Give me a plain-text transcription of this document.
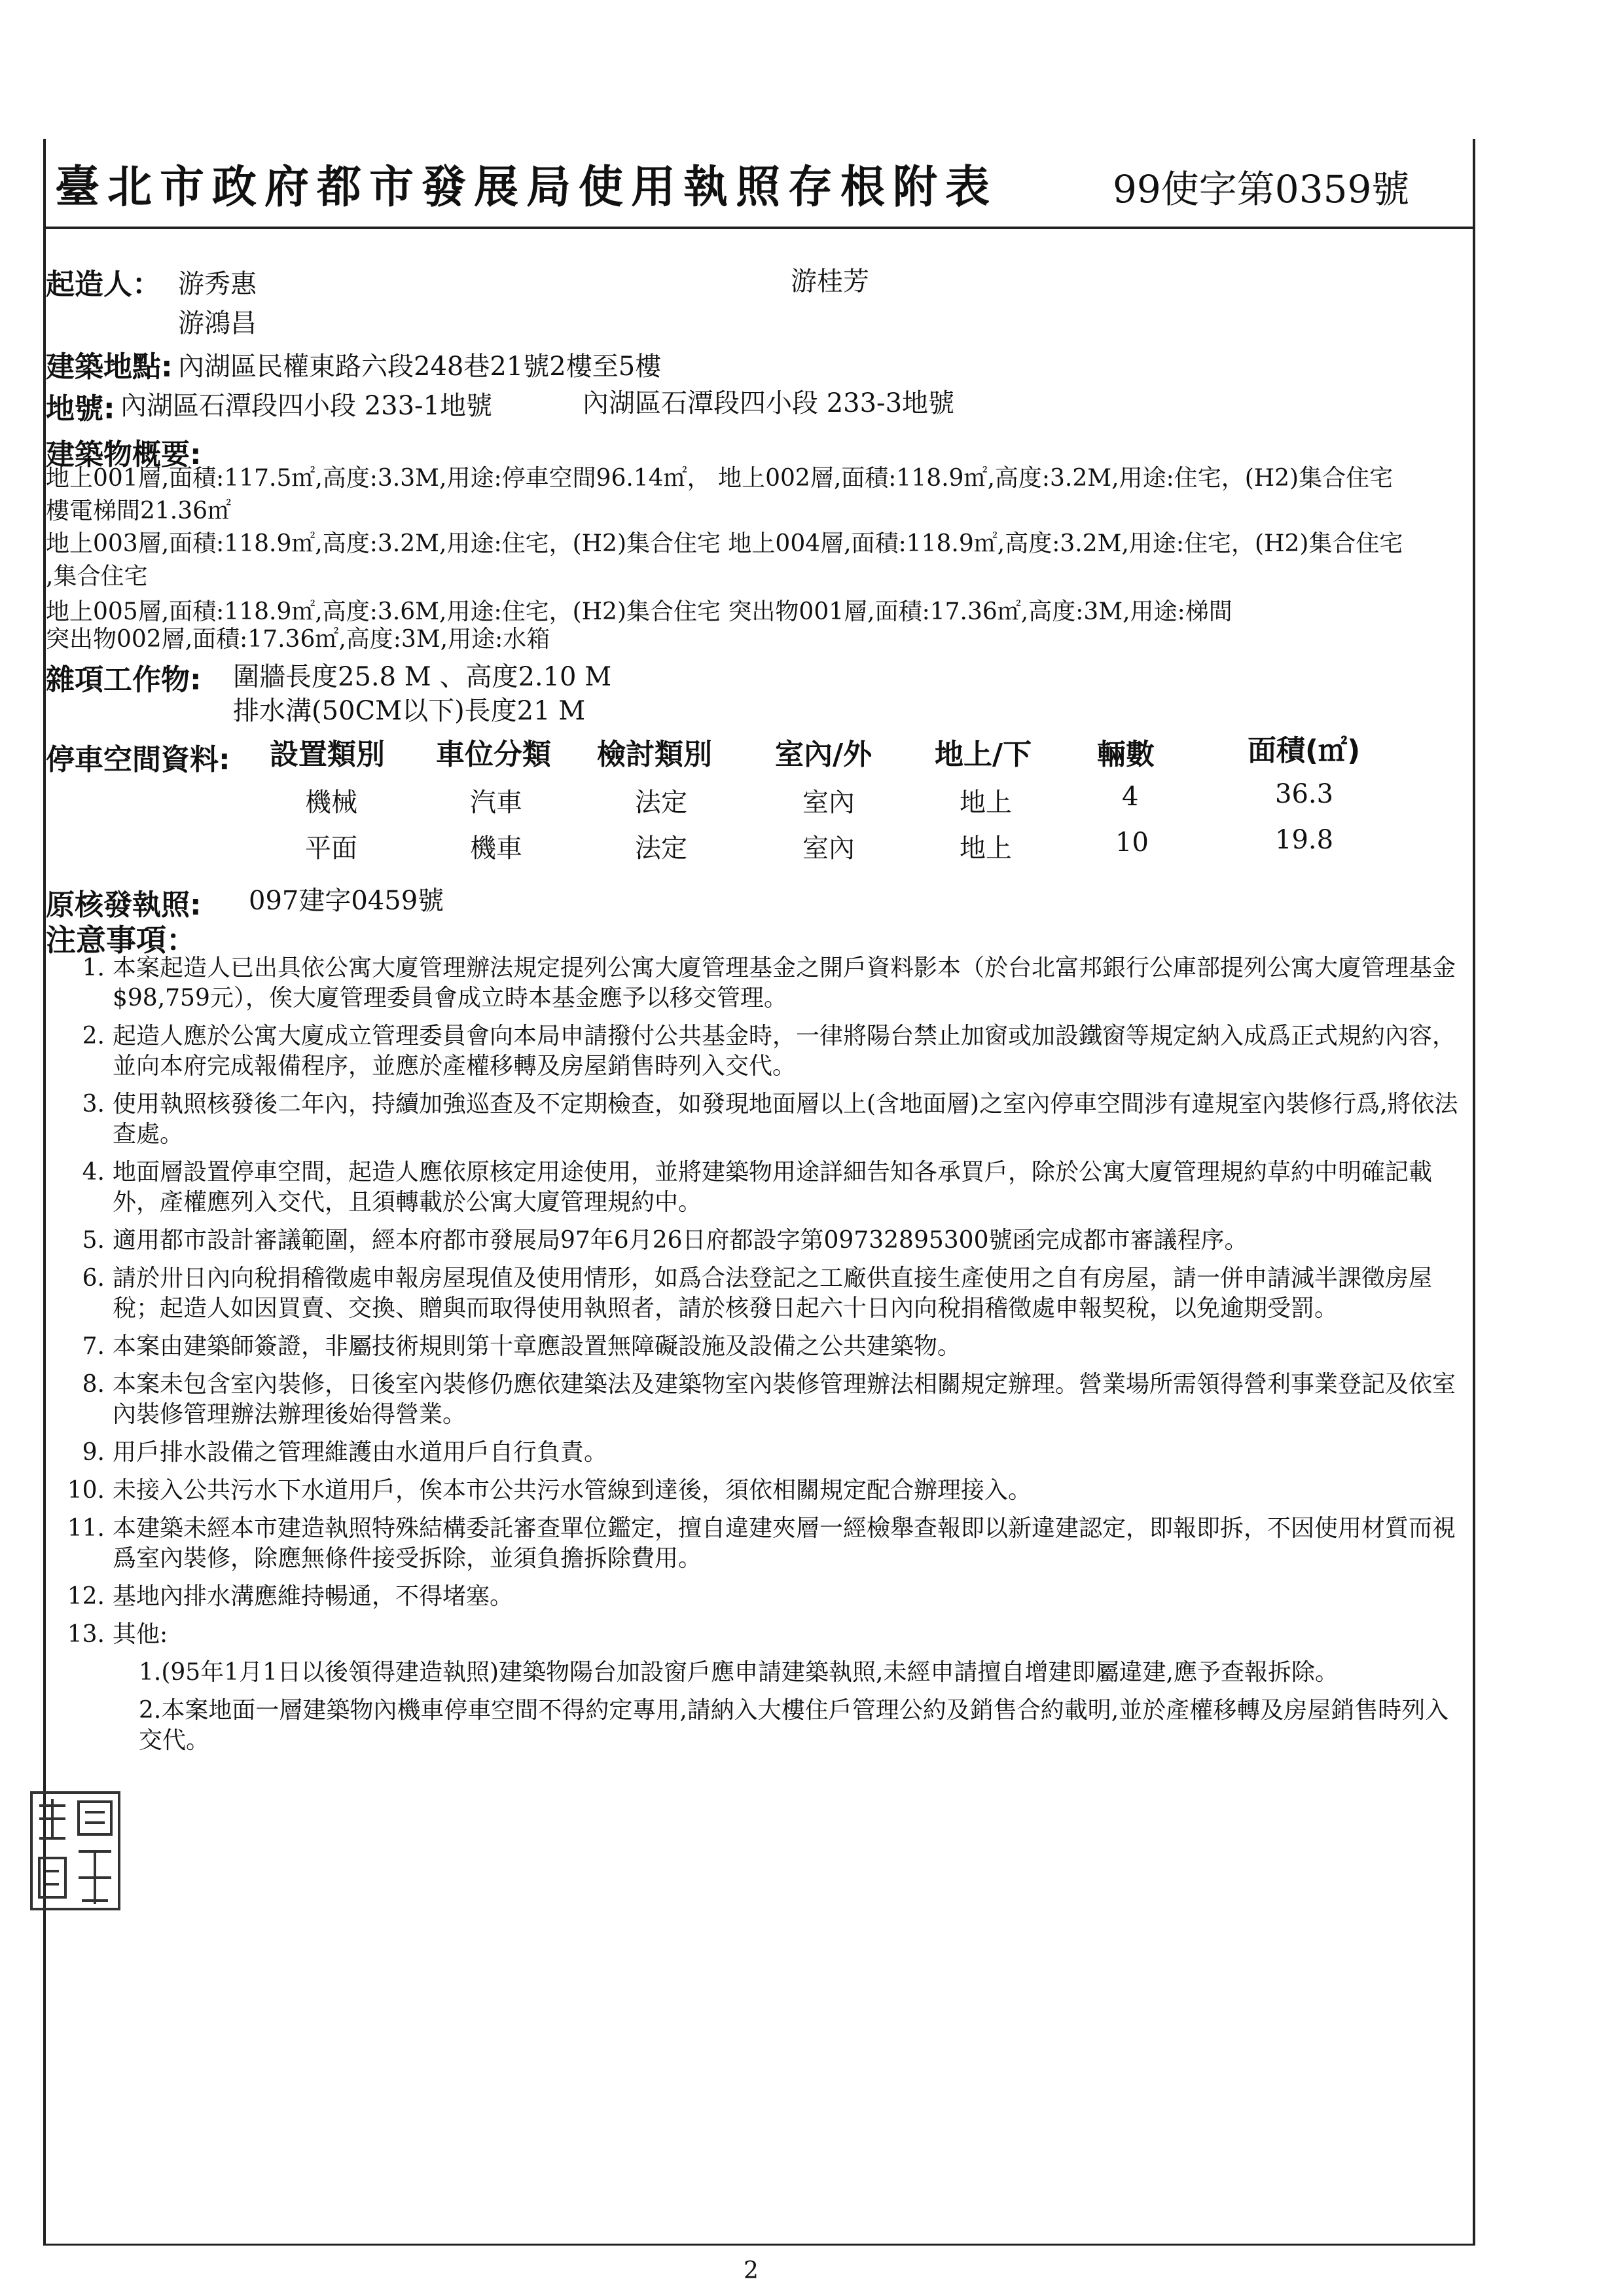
臺北市政府都市發展局使用執照存根附表	99使字第0359號
起造人： 游秀惠
游鴻昌
游桂芳
建築地點: 內湖區民權東路六段248巷21號2樓至5樓
地號: 內湖區石潭段四小段 233-1地號	內湖區石潭段四小段 233-3地號
建築物概要:
地上001層,面積:117.5㎡,高度:3.3M,用途:停車空間96.14㎡， 地上002層,面積:118.9㎡,高度:3.2M,用途:住宅，(H2)集合住宅
樓電梯間21.36㎡
地上003層,面積:118.9㎡,高度:3.2M,用途:住宅，(H2)集合住宅 地上004層,面積:118.9㎡,高度:3.2M,用途:住宅，(H2)集合住宅
,集合住宅
地上005層,面積:118.9㎡,高度:3.6M,用途:住宅，(H2)集合住宅 突出物001層,面積:17.36㎡,高度:3M,用途:梯間
突出物002層,面積:17.36㎡,高度:3M,用途:水箱
雜項工作物: 圍牆長度25.8 M 、高度2.10 M
排水溝(50CM以下)長度21 M
停車空間資料: 設置類別 車位分類 檢討類別 室內/外 地上/下 輛數	面積(㎡)
機械	汽車	法定	室內	地上	4	36.3
平面	機車	法定	室內	地上	10	19.8
原核發執照: 097建字0459號
注意事項：
1. 本案起造人已出具依公寓大廈管理辦法規定提列公寓大廈管理基金之開戶資料影本（於台北富邦銀行公庫部提列公寓大廈管理基金$98,759元），俟大廈管理委員會成立時本基金應予以移交管理。
2. 起造人應於公寓大廈成立管理委員會向本局申請撥付公共基金時，一律將陽台禁止加窗或加設鐵窗等規定納入成爲正式規約內容，並向本府完成報備程序，並應於產權移轉及房屋銷售時列入交代。
3. 使用執照核發後二年內，持續加強巡查及不定期檢查，如發現地面層以上(含地面層)之室內停車空間涉有違規室內裝修行爲,將依法查處。
4. 地面層設置停車空間，起造人應依原核定用途使用，並將建築物用途詳細告知各承買戶，除於公寓大廈管理規約草約中明確記載外，產權應列入交代，且須轉載於公寓大廈管理規約中。
5. 適用都市設計審議範圍，經本府都市發展局97年6月26日府都設字第09732895300號函完成都市審議程序。
6. 請於卅日內向稅捐稽徵處申報房屋現值及使用情形，如爲合法登記之工廠供直接生產使用之自有房屋，請一併申請減半課徵房屋稅；起造人如因買賣、交換、贈與而取得使用執照者，請於核發日起六十日內向稅捐稽徵處申報契稅，以免逾期受罰。
7. 本案由建築師簽證，非屬技術規則第十章應設置無障礙設施及設備之公共建築物。
8. 本案未包含室內裝修，日後室內裝修仍應依建築法及建築物室內裝修管理辦法相關規定辦理。營業場所需領得營利事業登記及依室內裝修管理辦法辦理後始得營業。
9. 用戶排水設備之管理維護由水道用戶自行負責。
10. 未接入公共污水下水道用戶，俟本市公共污水管線到達後，須依相關規定配合辦理接入。
11. 本建築未經本市建造執照特殊結構委託審查單位鑑定，擅自違建夾層一經檢舉查報即以新違建認定，即報即拆，不因使用材質而視爲室內裝修，除應無條件接受拆除，並須負擔拆除費用。
12. 基地內排水溝應維持暢通，不得堵塞。
13. 其他:
1.(95年1月1日以後領得建造執照)建築物陽台加設窗戶應申請建築執照,未經申請擅自增建即屬違建,應予查報拆除。
2.本案地面一層建築物內機車停車空間不得約定專用,請納入大樓住戶管理公約及銷售合約載明,並於產權移轉及房屋銷售時列入交代。
2
